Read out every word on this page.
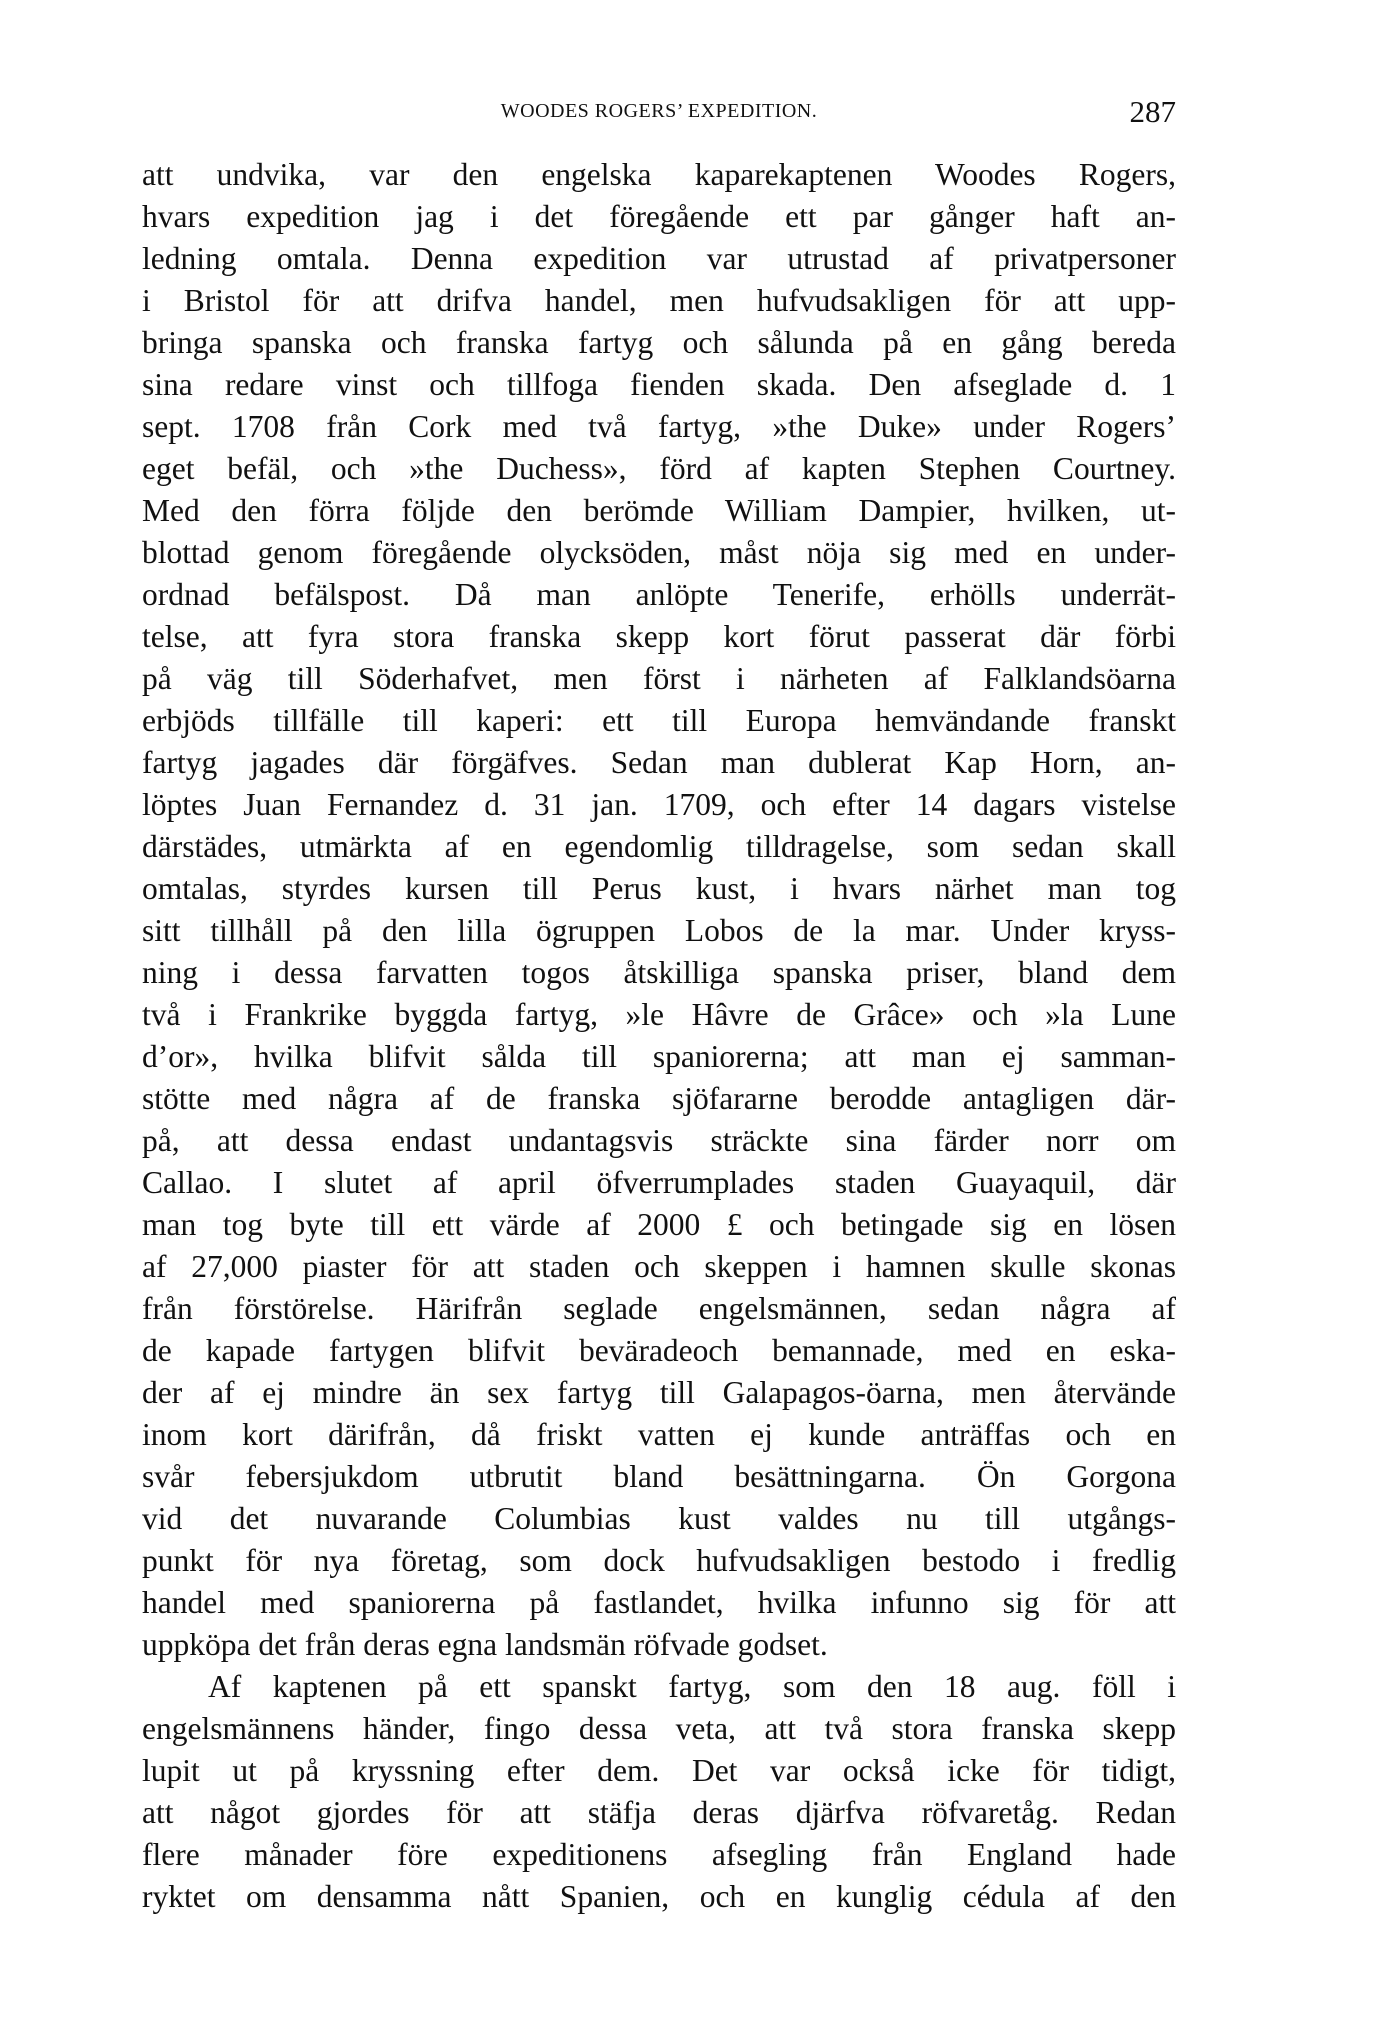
WOODES ROGERS’ EXPEDITION.	287
att undvika, var den engelska kaparekaptenen Woodes Rogers,
hvars expedition jag i det föregående ett par gånger haft an-
ledning omtala. Denna expedition var utrustad af privatpersoner
i Bristol för att drifva handel, men hufvudsakligen för att upp-
bringa spanska och franska fartyg och sålunda på en gång bereda
sina redare vinst och tillfoga fienden skada. Den afseglade d. 1
sept. 1708 från Cork med två fartyg, »the Duke» under Rogers’
eget befäl, och »the Duchess», förd af kapten Stephen Courtney.
Med den förra följde den berömde William Dampier, hvilken, ut-
blottad genom föregående olycksöden, måst nöja sig med en under-
ordnad befälspost. Då man anlöpte Tenerife, erhölls underrät-
telse, att fyra stora franska skepp kort förut passerat där förbi
på väg till Söderhafvet, men först i närheten af Falklandsöarna
erbjöds tillfälle till kaperi: ett till Europa hemvändande franskt
fartyg jagades där förgäfves. Sedan man dublerat Kap Horn, an-
löptes Juan Fernandez d. 31 jan. 1709, och efter 14 dagars vistelse
därstädes, utmärkta af en egendomlig tilldragelse, som sedan skall
omtalas, styrdes kursen till Perus kust, i hvars närhet man tog
sitt tillhåll på den lilla ögruppen Lobos de la mar. Under kryss-
ning i dessa farvatten togos åtskilliga spanska priser, bland dem
två i Frankrike byggda fartyg, »le Hâvre de Grâce» och »la Lune
d’or», hvilka blifvit sålda till spaniorerna; att man ej samman-
stötte med några af de franska sjöfararne berodde antagligen där-
på, att dessa endast undantagsvis sträckte sina färder norr om
Callao. I slutet af april öfverrumplades staden Guayaquil, där
man tog byte till ett värde af 2000 £ och betingade sig en lösen
af 27,000 piaster för att staden och skeppen i hamnen skulle skonas
från förstörelse. Härifrån seglade engelsmännen, sedan några af
de kapade fartygen blifvit beväradeoch bemannade, med en eska-
der af ej mindre än sex fartyg till Galapagos-öarna, men återvände
inom kort därifrån, då friskt vatten ej kunde anträffas och en
svår febersjukdom utbrutit bland besättningarna. Ön Gorgona
vid det nuvarande Columbias kust valdes nu till utgångs-
punkt för nya företag, som dock hufvudsakligen bestodo i fredlig
handel med spaniorerna på fastlandet, hvilka infunno sig för att
uppköpa det från deras egna landsmän röfvade godset.
Af kaptenen på ett spanskt fartyg, som den 18 aug. föll i
engelsmännens händer, fingo dessa veta, att två stora franska skepp
lupit ut på kryssning efter dem. Det var också icke för tidigt,
att något gjordes för att stäfja deras djärfva röfvaretåg. Redan
flere månader före expeditionens afsegling från England hade
ryktet om densamma nått Spanien, och en kunglig cédula af den
